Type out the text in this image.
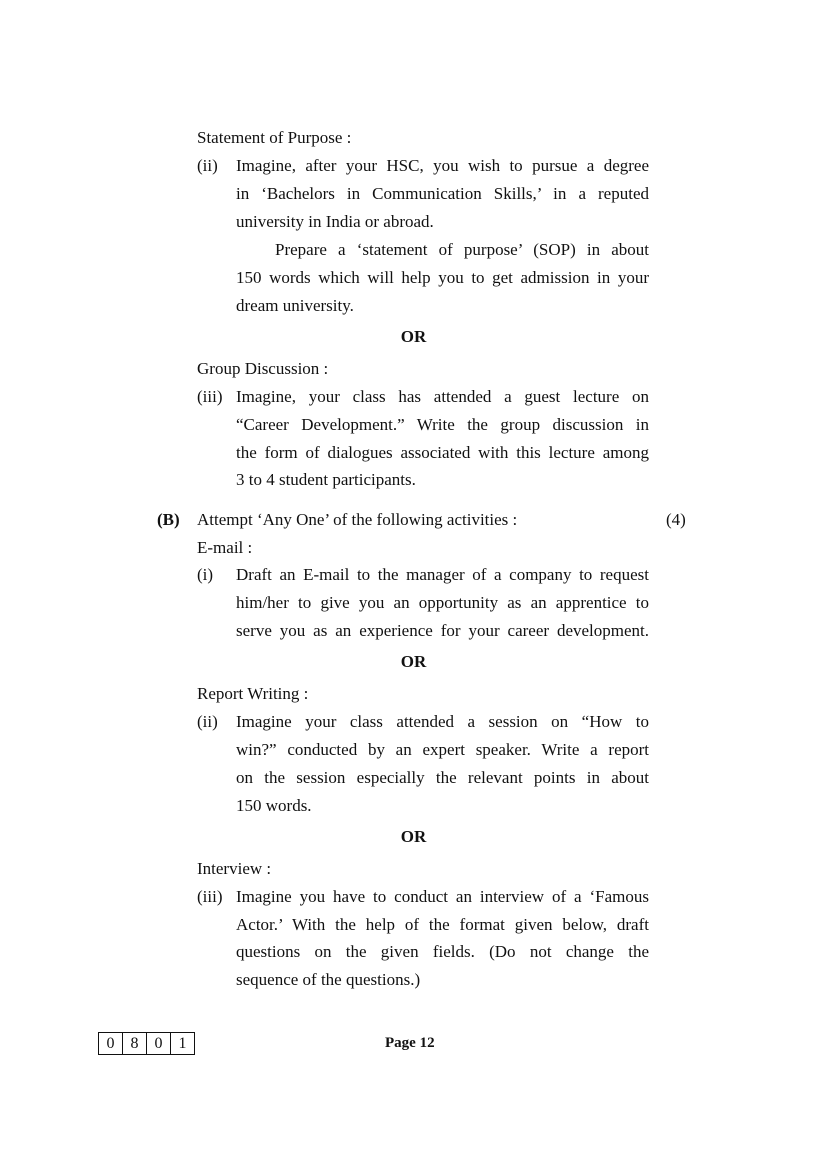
Statement of Purpose :
(ii) Imagine, after your HSC, you wish to pursue a degree
in ‘Bachelors in Communication Skills,’ in a reputed
university in India or abroad.
Prepare a ‘statement of purpose’ (SOP) in about
150 words which will help you to get admission in your
dream university.
OR
Group Discussion :
(iii) Imagine, your class has attended a guest lecture on
“Career Development.” Write the group discussion in
the form of dialogues associated with this lecture among
3 to 4 student participants.
(B) Attempt ‘Any One’ of the following activities :	(4)
E-mail :
(i) Draft an E-mail to the manager of a company to request
him/her to give you an opportunity as an apprentice to
serve you as an experience for your career development.
OR
Report Writing :
(ii) Imagine your class attended a session on “How to
win?” conducted by an expert speaker. Write a report
on the session especially the relevant points in about
150 words.
OR
Interview :
(iii) Imagine you have to conduct an interview of a ‘Famous
Actor.’ With the help of the format given below, draft
questions on the given fields. (Do not change the
sequence of the questions.)
0	8	0	1	Page 12
